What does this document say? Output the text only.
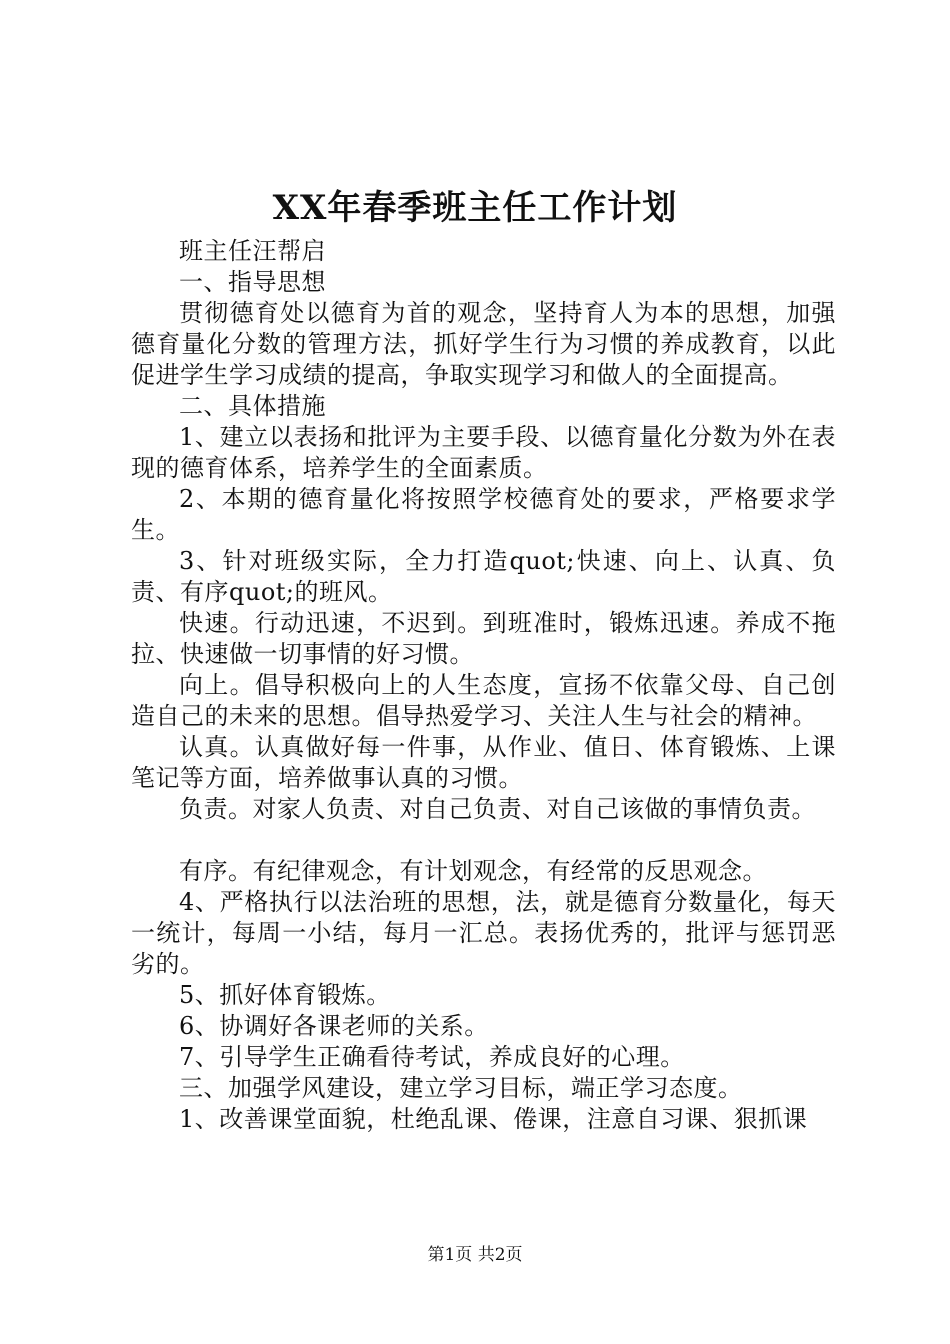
XX年春季班主任工作计划

班主任汪帮启

一、指导思想

贯彻德育处以德育为首的观念，坚持育人为本的思想，加强德育量化分数的管理方法，抓好学生行为习惯的养成教育，以此促进学生学习成绩的提高，争取实现学习和做人的全面提高。

二、具体措施

1、建立以表扬和批评为主要手段、以德育量化分数为外在表现的德育体系，培养学生的全面素质。

2、本期的德育量化将按照学校德育处的要求，严格要求学生。

3、针对班级实际，全力打造quot;快速、向上、认真、负责、有序quot;的班风。

快速。行动迅速，不迟到。到班准时，锻炼迅速。养成不拖拉、快速做一切事情的好习惯。

向上。倡导积极向上的人生态度，宣扬不依靠父母、自己创造自己的未来的思想。倡导热爱学习、关注人生与社会的精神。

认真。认真做好每一件事，从作业、值日、体育锻炼、上课笔记等方面，培养做事认真的习惯。

负责。对家人负责、对自己负责、对自己该做的事情负责。

有序。有纪律观念，有计划观念，有经常的反思观念。

4、严格执行以法治班的思想，法，就是德育分数量化，每天一统计，每周一小结，每月一汇总。表扬优秀的，批评与惩罚恶劣的。

5、抓好体育锻炼。

6、协调好各课老师的关系。

7、引导学生正确看待考试，养成良好的心理。

三、加强学风建设，建立学习目标，端正学习态度。

1、改善课堂面貌，杜绝乱课、倦课，注意自习课、狠抓课

第1页 共2页
